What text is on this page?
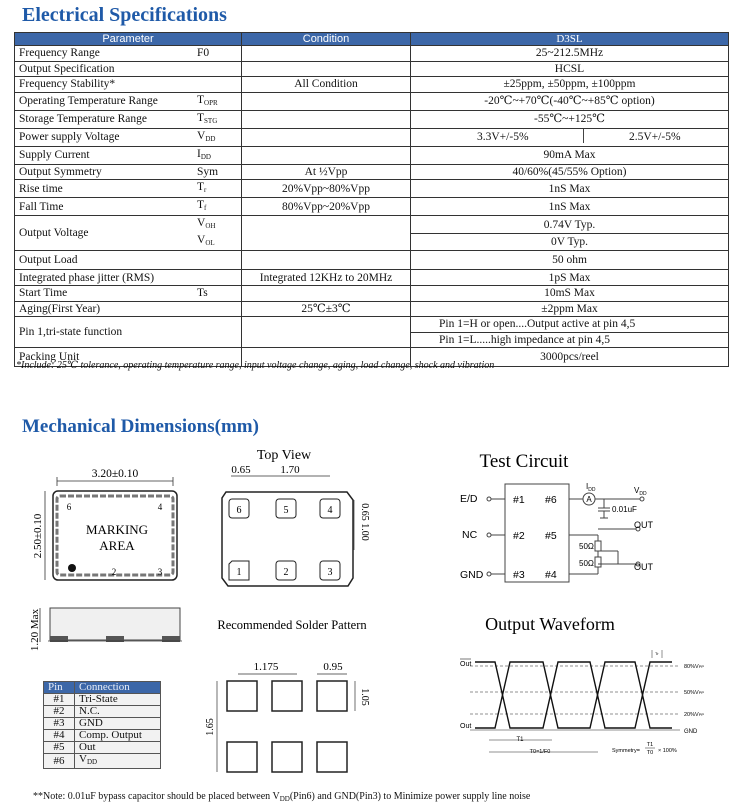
Electrical Specifications
Parameter		Condition	D3SL
Frequency Range	F0		25~212.5MHz
Output Specification			HCSL
Frequency Stability*		All Condition	±25ppm, ±50ppm, ±100ppm
Operating Temperature Range	$T_{OPR}$		-20℃~+70℃(-40℃~+85℃ option)
Storage Temperature Range	$T_{STG}$		-55℃~+125℃
Power supply Voltage	$V_{DD}$		3.3V+/-5% 2.5V+/-5%

Supply Current	$I_{DD}$		90mA Max
Output Symmetry	Sym	At ½Vpp	40/60%(45/55% Option)
Rise time	$T_r$	20%Vpp~80%Vpp	1nS Max
Fall Time	$T_f$	80%Vpp~20%Vpp	1nS Max
Output Voltage	$V_{OH}$		0.74V Typ.
	$V_{OL}$		0V Typ.
Output Load			50 ohm
Integrated phase jitter (RMS)		Integrated 12KHz to 20MHz	1pS Max
Start Time	Ts		10mS Max
Aging(First Year)		25℃±3℃	±2ppm Max
Pin 1,tri-state function			Pin 1=H or open....Output active at pin 4,5
			Pin 1=L.....high impedance at pin 4,5
Packing Unit			3000pcs/reel
*Include: 25℃ tolerance, operating temperature range, input voltage change, aging, load change, shock and vibration
Mechanical Dimensions(mm)
3.20±0.10
2.50±0.10
6	4
MARKING
AREA
2	3
1.20 Max
Top View
0.65	1.70
6	5	4
1	2	3
0.65 1.00
Recommended Solder Pattern
1.175	0.95
1.05
1.65
Test Circuit
E/D
NC
GND
#1
#2
#3
#6
#5
#4
A
$I_{DD}$	$V_{DD}$
0.01uF
OUT
50Ω
50Ω	OUT
Output Waveform
Out
Out
80%VPP
50%VPP
20%VPP
GND
Tr
T1
T0=1/F0	Symmetry=
T1
T0 × 100%
Pin	Connection
#1	Tri-State
#2	N.C.
#3	GND
#4	Comp. Output
#5	Out
#6	$V_{DD}$
**Note: 0.01uF bypass capacitor should be placed between $V_{DD}(Pin6)$ and GND(Pin3) to Minimize power supply line noise
